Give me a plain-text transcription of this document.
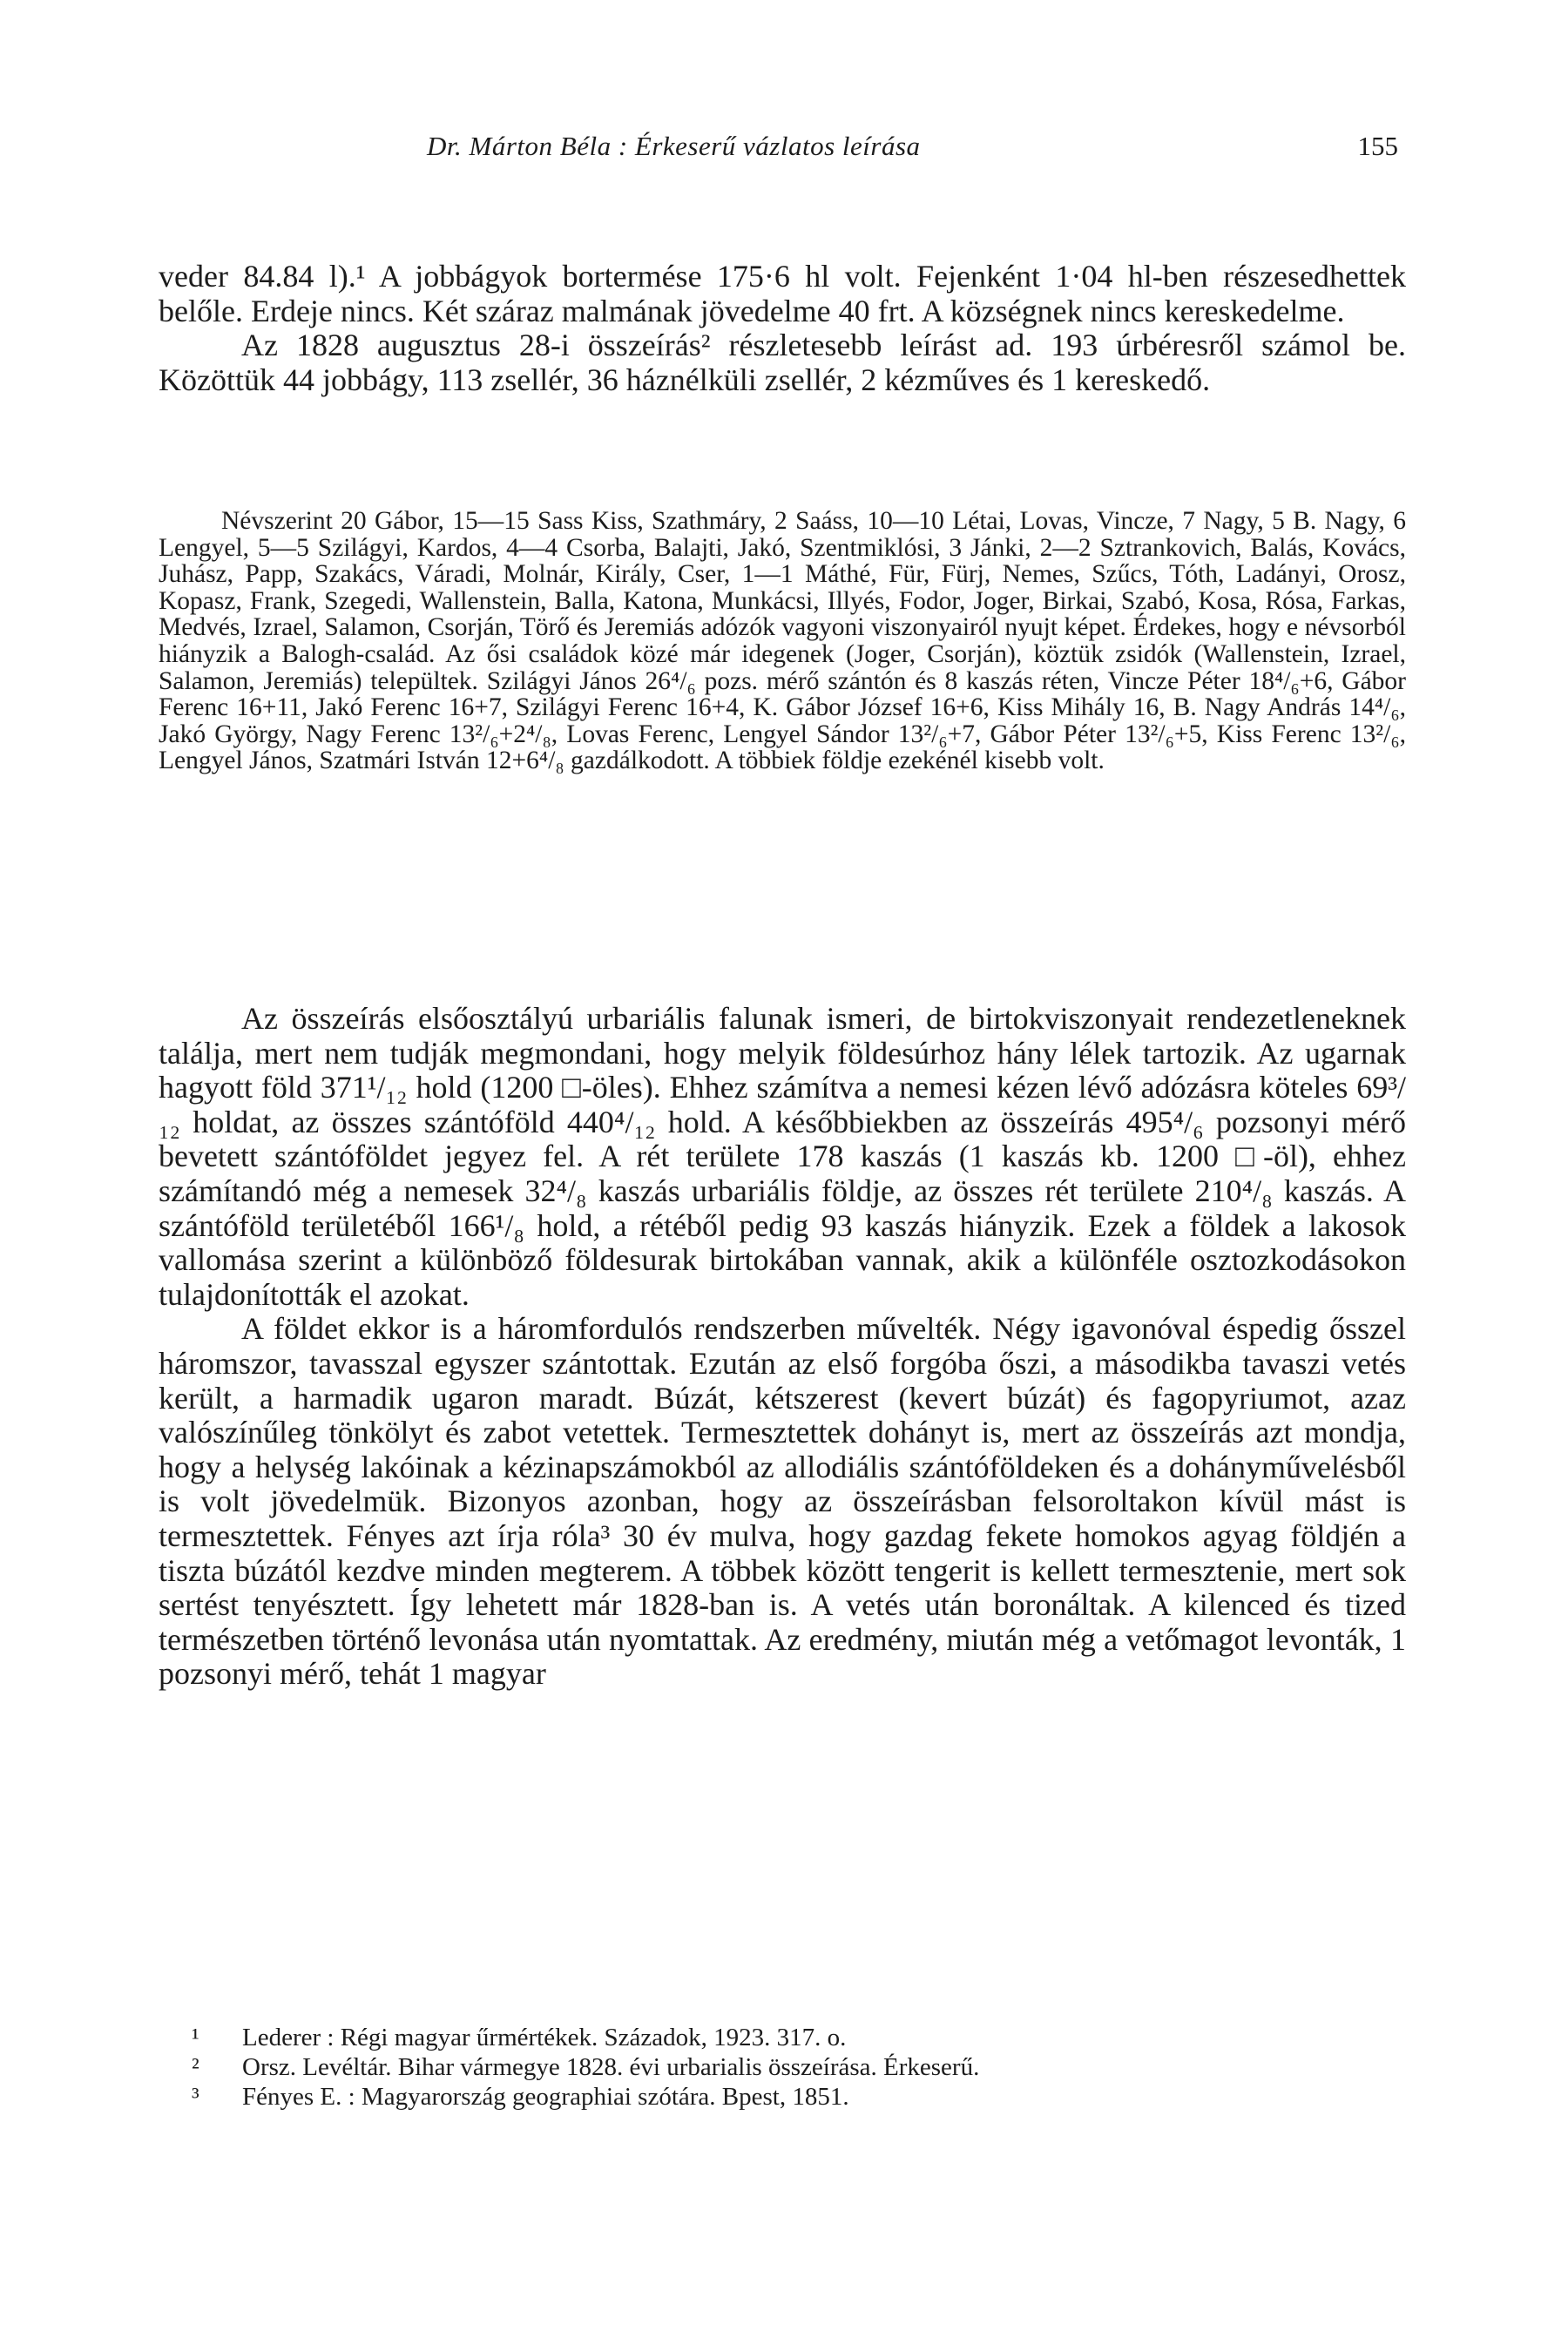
Dr. Márton Béla : Érkeserű vázlatos leírása	155

veder 84.84 l).¹ A jobbágyok bortermése 175·6 hl volt. Fejenként 1·04 hl-ben részesedhettek belőle. Erdeje nincs. Két száraz malmának jövedelme 40 frt. A községnek nincs kereskedelme.

Az 1828 augusztus 28-i összeírás² részletesebb leírást ad. 193 úrbéresről számol be. Közöttük 44 jobbágy, 113 zsellér, 36 háznélküli zsellér, 2 kézműves és 1 kereskedő.

Névszerint 20 Gábor, 15—15 Sass Kiss, Szathmáry, 2 Saáss, 10—10 Létai, Lovas, Vincze, 7 Nagy, 5 B. Nagy, 6 Lengyel, 5—5 Szilágyi, Kardos, 4—4 Csorba, Balajti, Jakó, Szentmiklósi, 3 Jánki, 2—2 Sztrankovich, Balás, Kovács, Juhász, Papp, Szakács, Váradi, Molnár, Király, Cser, 1—1 Máthé, Für, Fürj, Nemes, Szűcs, Tóth, Ladányi, Orosz, Kopasz, Frank, Szegedi, Wallenstein, Balla, Katona, Munkácsi, Illyés, Fodor, Joger, Birkai, Szabó, Kosa, Rósa, Farkas, Medvés, Izrael, Salamon, Csorján, Törő és Jeremiás adózók vagyoni viszonyairól nyujt képet. Érdekes, hogy e névsorból hiányzik a Balogh-család. Az ősi családok közé már idegenek (Joger, Csorján), köztük zsidók (Wallenstein, Izrael, Salamon, Jeremiás) települtek. Szilágyi János 26⁴/₆ pozs. mérő szántón és 8 kaszás réten, Vincze Péter 18⁴/₆+6, Gábor Ferenc 16+11, Jakó Ferenc 16+7, Szilágyi Ferenc 16+4, K. Gábor József 16+6, Kiss Mihály 16, B. Nagy András 14⁴/₆, Jakó György, Nagy Ferenc 13²/₆+2⁴/₈, Lovas Ferenc, Lengyel Sándor 13²/₆+7, Gábor Péter 13²/₆+5, Kiss Ferenc 13²/₆, Lengyel János, Szatmári István 12+6⁴/₈ gazdálkodott. A többiek földje ezekénél kisebb volt.

Az összeírás elsőosztályú urbariális falunak ismeri, de birtokviszonyait rendezetleneknek találja, mert nem tudják megmondani, hogy melyik földesúrhoz hány lélek tartozik. Az ugarnak hagyott föld 371¹/₁₂ hold (1200 □-öles). Ehhez számítva a nemesi kézen lévő adózásra köteles 69³/₁₂ holdat, az összes szántóföld 440⁴/₁₂ hold. A későbbiekben az összeírás 495⁴/₆ pozsonyi mérő bevetett szántóföldet jegyez fel. A rét területe 178 kaszás (1 kaszás kb. 1200 □-öl), ehhez számítandó még a nemesek 32⁴/₈ kaszás urbariális földje, az összes rét területe 210⁴/₈ kaszás. A szántóföld területéből 166¹/₈ hold, a rétéből pedig 93 kaszás hiányzik. Ezek a földek a lakosok vallomása szerint a különböző földesurak birtokában vannak, akik a különféle osztozkodásokon tulajdonították el azokat.

A földet ekkor is a háromfordulós rendszerben művelték. Négy igavonóval éspedig ősszel háromszor, tavasszal egyszer szántottak. Ezután az első forgóba őszi, a másodikba tavaszi vetés került, a harmadik ugaron maradt. Búzát, kétszerest (kevert búzát) és fagopyriumot, azaz valószínűleg tönkölyt és zabot vetettek. Termesztettek dohányt is, mert az összeírás azt mondja, hogy a helység lakóinak a kézinapszámokból az allodiális szántóföldeken és a dohányművelésből is volt jövedelmük. Bizonyos azonban, hogy az összeírásban felsoroltakon kívül mást is termesztettek. Fényes azt írja róla³ 30 év mulva, hogy gazdag fekete homokos agyag földjén a tiszta búzától kezdve minden megterem. A többek között tengerit is kellett termesztenie, mert sok sertést tenyésztett. Így lehetett már 1828-ban is. A vetés után boronáltak. A kilenced és tized természetben történő levonása után nyomtattak. Az eredmény, miután még a vetőmagot levonták, 1 pozsonyi mérő, tehát 1 magyar

¹	Lederer : Régi magyar űrmértékek. Századok, 1923. 317. o.

²	Orsz. Levéltár. Bihar vármegye 1828. évi urbarialis összeírása. Érkeserű.

³	Fényes E. : Magyarország geographiai szótára. Bpest, 1851.
